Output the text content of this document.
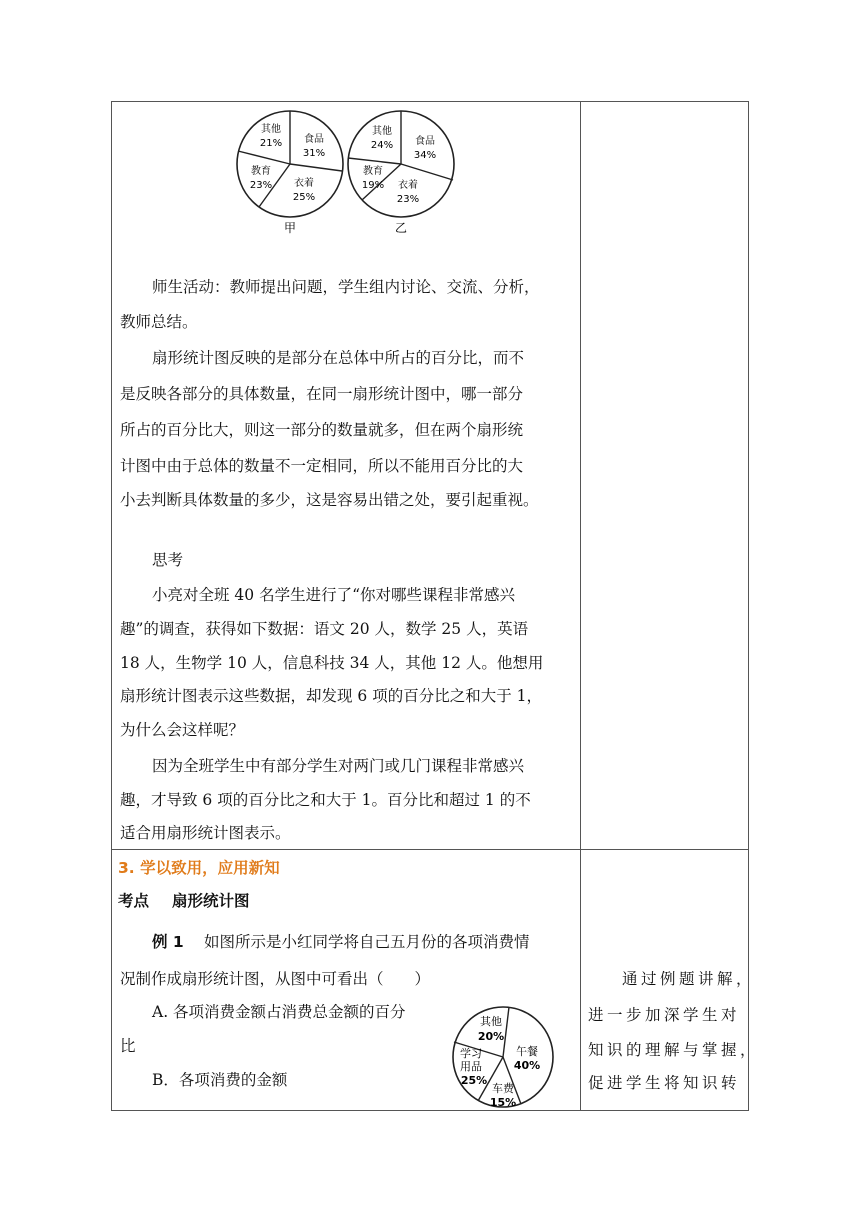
其他
21% 食品
31%
衣着
25%
教育
23%
甲
其他
24% 食品
34%
衣着
23%
教育
19%
乙
师生活动：教师提出问题，学生组内讨论、交流、分析，
教师总结。
扇形统计图反映的是部分在总体中所占的百分比，而不
是反映各部分的具体数量，在同一扇形统计图中，哪一部分
所占的百分比大，则这一部分的数量就多，但在两个扇形统
计图中由于总体的数量不一定相同，所以不能用百分比的大
小去判断具体数量的多少，这是容易出错之处，要引起重视。
思考
小亮对全班 40 名学生进行了“你对哪些课程非常感兴
趣”的调查，获得如下数据：语文 20 人，数学 25 人，英语
18 人，生物学 10 人，信息科技 34 人，其他 12 人。他想用
扇形统计图表示这些数据，却发现 6 项的百分比之和大于 1，
为什么会这样呢？
因为全班学生中有部分学生对两门或几门课程非常感兴
趣，才导致 6 项的百分比之和大于 1。百分比和超过 1 的不
适合用扇形统计图表示。
3. 学以致用，应用新知
考点 扇形统计图
例 1 如图所示是小红同学将自己五月份的各项消费情
况制作成扇形统计图，从图中可看出（　　）
A. 各项消费金额占消费总金额的百分
比
B．各项消费的金额
其他
20%
午餐
40%
车费
15%
学习
用品
25%
通过例题讲解，
进一步加深学生对
知识的理解与掌握，
促进学生将知识转
